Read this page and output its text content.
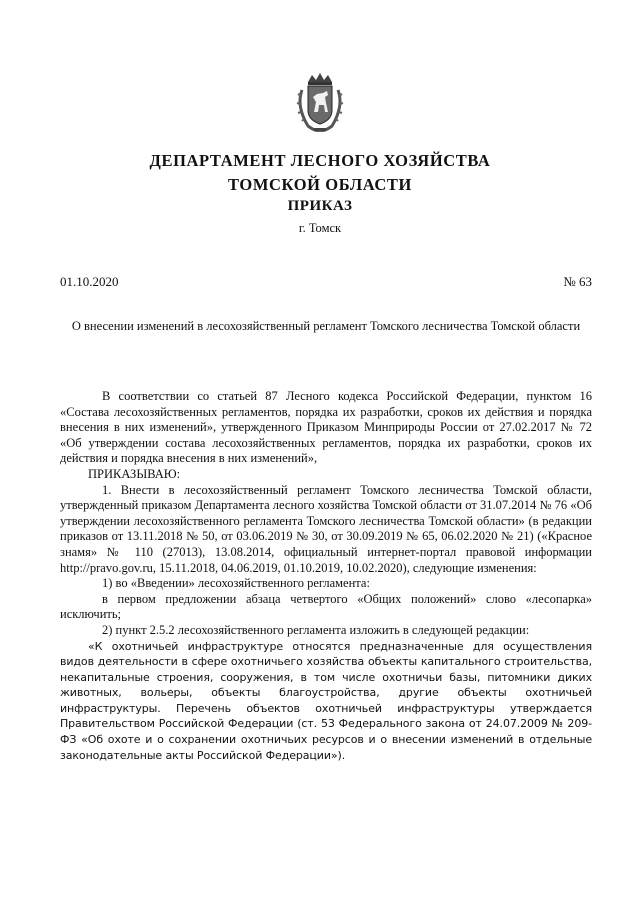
ДЕПАРТАМЕНТ ЛЕСНОГО ХОЗЯЙСТВА
ТОМСКОЙ ОБЛАСТИ
ПРИКАЗ
г. Томск
01.10.2020	№ 63
О внесении изменений в лесохозяйственный регламент Томского лесничества Томской области

В соответствии со статьей 87 Лесного кодекса Российской Федерации, пунктом 16 «Состава лесохозяйственных регламентов, порядка их разработки, сроков их действия и порядка внесения в них изменений», утвержденного Приказом Минприроды России от 27.02.2017 № 72 «Об утверждении состава лесохозяйственных регламентов, порядка их разработки, сроков их действия и порядка внесения в них изменений»,

ПРИКАЗЫВАЮ:

1. Внести в лесохозяйственный регламент Томского лесничества Томской области, утвержденный приказом Департамента лесного хозяйства Томской области от 31.07.2014 № 76 «Об утверждении лесохозяйственного регламента Томского лесничества Томской области» (в редакции приказов от 13.11.2018 № 50, от 03.06.2019 № 30, от 30.09.2019 № 65, 06.02.2020 № 21) («Красное знамя» № 110 (27013), 13.08.2014, официальный интернет-портал правовой информации http://pravo.gov.ru, 15.11.2018, 04.06.2019, 01.10.2019, 10.02.2020), следующие изменения:

1) во «Введении» лесохозяйственного регламента:

в первом предложении абзаца четвертого «Общих положений» слово «лесопарка» исключить;

2) пункт 2.5.2 лесохозяйственного регламента изложить в следующей редакции:

«К охотничьей инфраструктуре относятся предназначенные для осуществления видов деятельности в сфере охотничьего хозяйства объекты капитального строительства, некапитальные строения, сооружения, в том числе охотничьи базы, питомники диких животных, вольеры, объекты благоустройства, другие объекты охотничьей инфраструктуры. Перечень объектов охотничьей инфраструктуры утверждается Правительством Российской Федерации (ст. 53 Федерального закона от 24.07.2009 № 209-ФЗ «Об охоте и о сохранении охотничьих ресурсов и о внесении изменений в отдельные законодательные акты Российской Федерации»).
